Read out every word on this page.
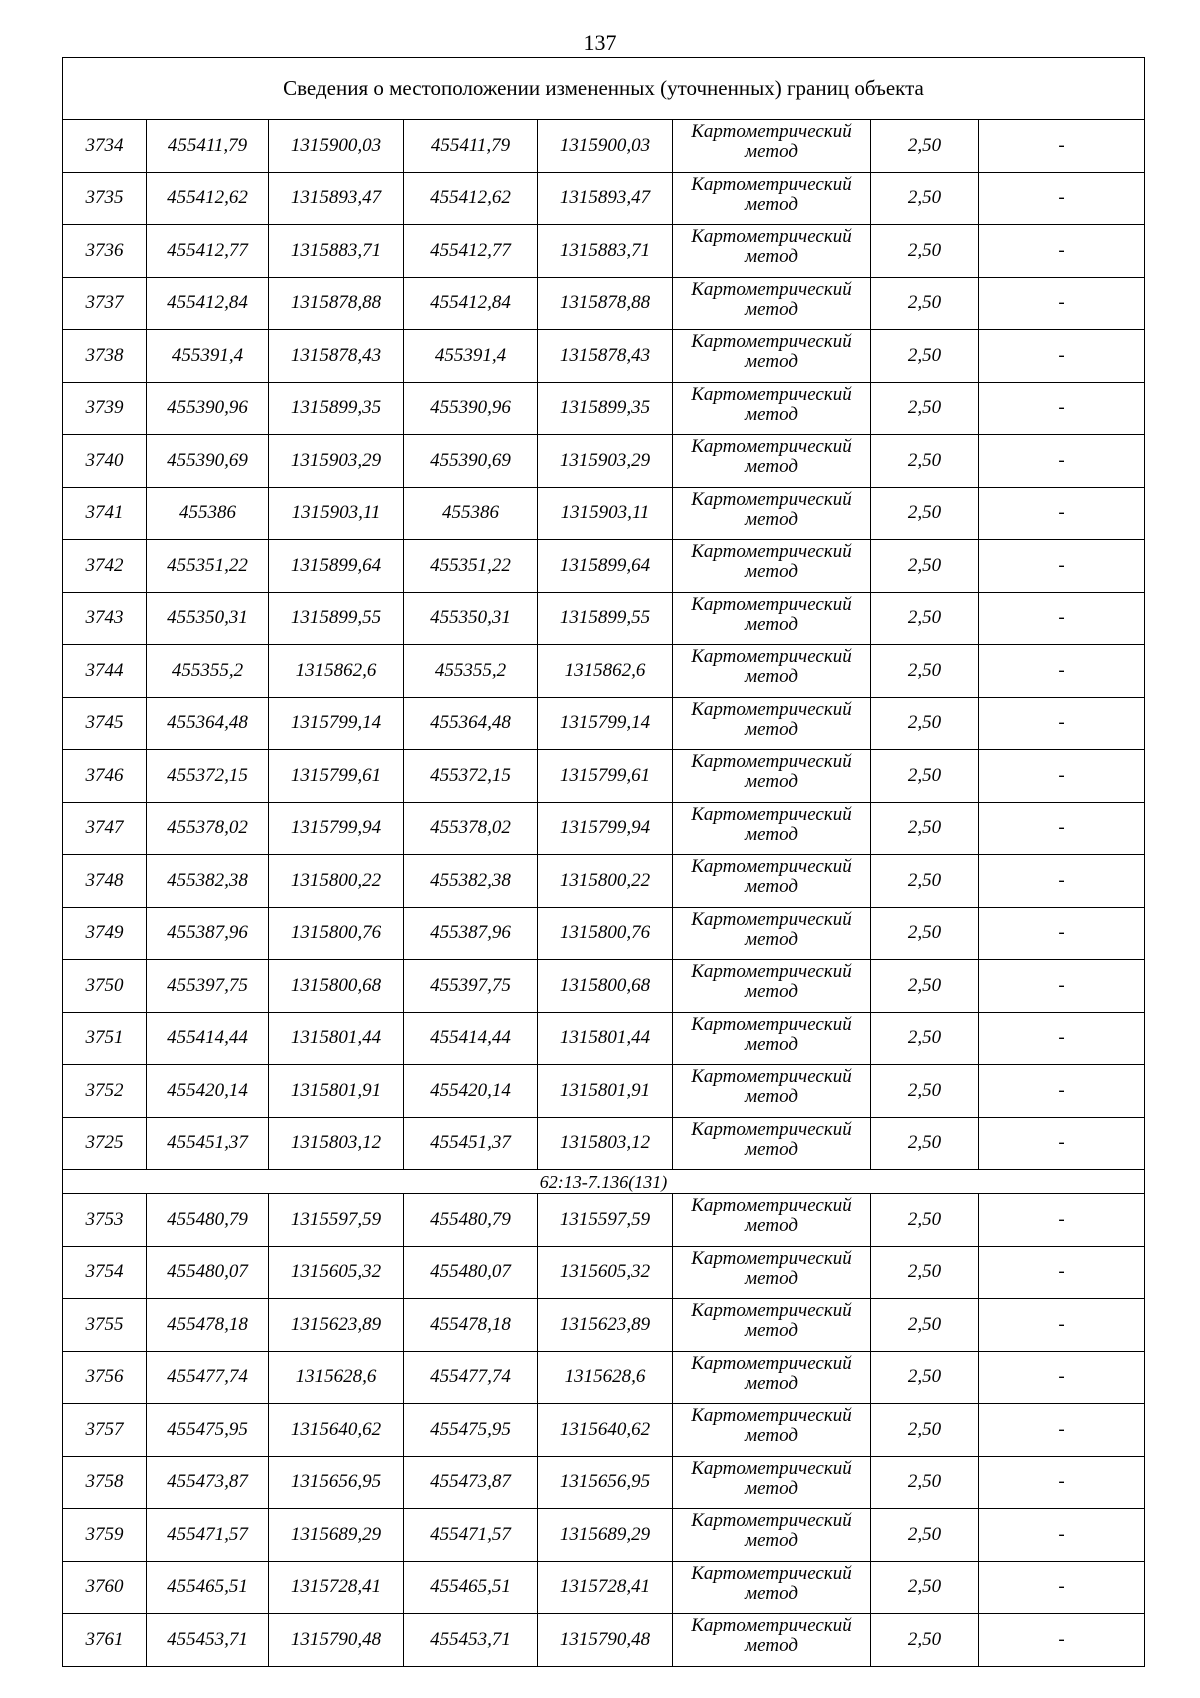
137
Сведения о местоположении измененных (уточненных) границ объекта							
3734	455411,79	1315900,03	455411,79	1315900,03	Картометрический
метод	2,50	-
3735	455412,62	1315893,47	455412,62	1315893,47	Картометрический
метод	2,50	-
3736	455412,77	1315883,71	455412,77	1315883,71	Картометрический
метод	2,50	-
3737	455412,84	1315878,88	455412,84	1315878,88	Картометрический
метод	2,50	-
3738	455391,4	1315878,43	455391,4	1315878,43	Картометрический
метод	2,50	-
3739	455390,96	1315899,35	455390,96	1315899,35	Картометрический
метод	2,50	-
3740	455390,69	1315903,29	455390,69	1315903,29	Картометрический
метод	2,50	-
3741	455386	1315903,11	455386	1315903,11	Картометрический
метод	2,50	-
3742	455351,22	1315899,64	455351,22	1315899,64	Картометрический
метод	2,50	-
3743	455350,31	1315899,55	455350,31	1315899,55	Картометрический
метод	2,50	-
3744	455355,2	1315862,6	455355,2	1315862,6	Картометрический
метод	2,50	-
3745	455364,48	1315799,14	455364,48	1315799,14	Картометрический
метод	2,50	-
3746	455372,15	1315799,61	455372,15	1315799,61	Картометрический
метод	2,50	-
3747	455378,02	1315799,94	455378,02	1315799,94	Картометрический
метод	2,50	-
3748	455382,38	1315800,22	455382,38	1315800,22	Картометрический
метод	2,50	-
3749	455387,96	1315800,76	455387,96	1315800,76	Картометрический
метод	2,50	-
3750	455397,75	1315800,68	455397,75	1315800,68	Картометрический
метод	2,50	-
3751	455414,44	1315801,44	455414,44	1315801,44	Картометрический
метод	2,50	-
3752	455420,14	1315801,91	455420,14	1315801,91	Картометрический
метод	2,50	-
3725	455451,37	1315803,12	455451,37	1315803,12	Картометрический
метод	2,50	-
62:13-7.136(131)							
3753	455480,79	1315597,59	455480,79	1315597,59	Картометрический
метод	2,50	-
3754	455480,07	1315605,32	455480,07	1315605,32	Картометрический
метод	2,50	-
3755	455478,18	1315623,89	455478,18	1315623,89	Картометрический
метод	2,50	-
3756	455477,74	1315628,6	455477,74	1315628,6	Картометрический
метод	2,50	-
3757	455475,95	1315640,62	455475,95	1315640,62	Картометрический
метод	2,50	-
3758	455473,87	1315656,95	455473,87	1315656,95	Картометрический
метод	2,50	-
3759	455471,57	1315689,29	455471,57	1315689,29	Картометрический
метод	2,50	-
3760	455465,51	1315728,41	455465,51	1315728,41	Картометрический
метод	2,50	-
3761	455453,71	1315790,48	455453,71	1315790,48	Картометрический
метод	2,50	-
